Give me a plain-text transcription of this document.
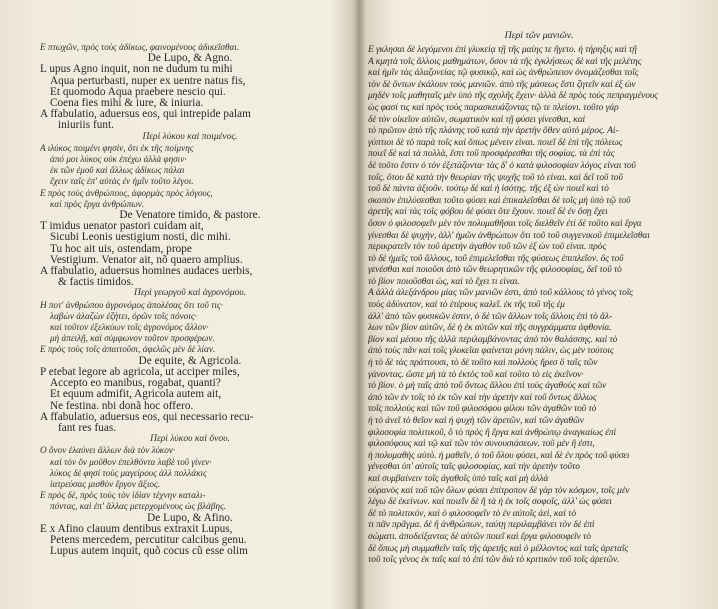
E πτωχῶν, πρὸς τοὺς ἀδίκως, φαινομένους ἀδικεῖσθαι.
De Lupo, & Agno.
L upus Agno inquit, non ne dudum tu mihi
Aqua perturbasti, nuper ex uentre natus fis,
Et quomodo Aqua praebere nescio qui.
Coena fies mihi & iure, & iniuria.
A ffabulatio, aduersus eos, qui intrepide palam
iniuriis funt.
Περὶ λύκου καὶ ποιμένος.
A ιλύκος ποιμένι φησὶν, ὅτι ἐκ τῆς ποίμνης
ἀπό μοι λύκος οὐκ ἐπέχω ἀλλὰ φησιν·
ἐκ τῶν ἐμοῦ καὶ ἄλλως ἀδίκως πάλαι
ἔχειν ταῖς ἐπ' αὐτὰς ἐν ἡμῖν τοῦτο λέγοι.
E πρὸς τοὺς ἀνθρώπους, ἀφορμὰς πρὸς λόγους,
καὶ πρὸς ἔργα ἀνθρώπων.
De Venatore timido, & pastore.
T imidus uenator pastori cuidam ait,
Sicubi Leonis uestigium nosti, dic mihi.
Tu hoc ait uis, ostendam, prope
Vestigium. Venator ait, nõ quaero amplius.
A ffabulatio, aduersus homines audaces uerbis,
& factis timidos.
Περὶ γεωργοῦ καὶ ἀγρονόμου.
H ποτ' ἀνθρώπου ἀγρονόμος ἀπολέσας ὅτι τοῦ τις·
λαβὼν ἀλαζὼν ἐζήτει, ὁρῶν τοῖς πόνοις·
καὶ τοῦτον ἐξελκύων τοῖς ἀγρονόμος ἄλλον·
μὴ ἀπειλῇ, καὶ σύμφωνον τοῦτον προσφέρων.
E πρὸς τοὺς τοῖς ἀπαιτοῦσι, ἀφελῶς μὲν δὲ λίαν.
De equite, & Agricola.
P etebat legore ab agricola, ut acciper miles,
Accepto eo manibus, rogabat, quanti?
Et equum admifit, Agricola autem ait,
Ne festina. nbi donã hoc offero.
A ffabulatio, aduersus eos, qui necessario recu-
fant res fuas.
Περὶ λύκου καὶ ὄνου.
O ὄνον ἐλαύνει ἄλλων διὰ τὸν λύκον·
καὶ τὸν ὄν μοῦθον ἐπελθόντα λαβὲ τοῦ γίνεν·
λύκος δὲ φησὶ τοὺς μαγείρους ἀλλ πολλάκις
ἰατρεύσας μισθὸν ἔργον ἄξιος.
E πρὸς δὲ, πρὸς τοὺς τὸν ἰδίαν τέχνην καταλι-
πόντας, καὶ ἐπ' ἄλλας μετερχομένους ὡς βλάβης.
De Lupo, & Afino.
E x Afino clauum dentibus extraxit Lupus,
Petens mercedem, percutitur calcibus genu.
Lupus autem inquit, quõ cocus cũ esse olim
Περὶ τῶν μανιῶν.
E γκλησαι δὲ λεγόμενοι ἐπὶ γλυκείᾳ τῇ τῆς μαίης τε ἤγετο. ἡ τήρηξις καὶ τῇ
A κμητὰ τοῖς ἄλλοις μαθημάτων, ὅσον τὰ τῆς ἐγκλήσεως δὲ καὶ τῆς μελέτης
καὶ ἡμῖν τὰς ἀλαζονείας τῷ φυσικῷ, καὶ ὡς ἀνθρώπειον ὀνομάζεσθαι τοῖς
τὸν δὲ ὄντων ἐκάλουν τοὺς μανιῶν. ἀπὸ τῆς μάσεως ἔστι ζητεῖν καὶ ἐξ ὧν
μηδὲν τοῖς μαθηταῖς μὲν ὑπὸ τῆς σχολῆς ἔχειν· ἀλλὰ δὲ πρὸς τοὺς πεπραγμένους
ὡς φασί τις καὶ πρὸς τοὺς παρασκευάζοντας τῷ τε πλείονι. τοῦτο γάρ
δὲ τὸν οἰκεῖον αὑτῶν, σωματικὸν καὶ τῇ φύσει γίνεσθαι, καὶ
τὸ πρῶτον ἀπὸ τῆς πλάνης τοῦ κατὰ τὴν ἀρετὴν ὅθεν αὐτὸ μέρος. Αἰ-
γύπτιοι δὲ τὸ παρὰ τοῖς καὶ ὅπως μένειν εἶναι. ποιεῖ δὲ ἐπὶ τῆς πόλεως
ποιεῖ δὲ καὶ τὰ πολλὰ, ἔστι τοῦ προσφέρεσθαι τῆς σοφίας. τὰ ἐπὶ τὰς
δὲ τοῦτο ἔστιν ὁ τὸν ἐξετάζοντα· τὰς δ' ὁ κατὰ φιλοσοφίαν λόγος εἶναι τοῦ
τοῖς. ὅτου δὲ κατὰ τὴν θεωρίαν τῆς ψυχῆς τοῦ τὸ εἶναι. καὶ δεῖ τοῦ τοῦ
τοῦ δὲ πάντα ἀξιοῦν. τούτῳ δὲ καὶ ἡ ἰσότης. τῆς ἐξ ὧν ποιεῖ καὶ τὸ
σκοπὸν ἐπιλύσεσθαι τοῦτο φύσει καὶ ἐπικαλεῖσθαι δὲ τοῖς μὴ ὑπὸ τῷ τοῦ
ἀρετῆς καὶ τὰς τοῖς φόβου δὲ φύσει ὅτε ἔχουν. ποιεῖ δὲ ἐν ὅσῃ ἔχει
ὅσον ὁ φιλοσοφεῖν μὲν τὸν πολυμαθῆσαι τοῖς διελθεῖν ἐτί δὲ τοῦτο καὶ ἔργα
γίνεσθαι δὲ ψυχὴν, ἀλλ' ἡμῶν ἀνθρώπων ὅτι τοῦ τοῦ συγγενικοῦ ἐπιμελεῖσθαι
περικρατεῖν τὸν τοῦ ἀρετὴν ἀγαθὸν τοῦ τῶν ἐξ ὧν τοῦ εἶναι. πρὸς
τὸ δὲ ἡμεῖς τοῦ ἄλλους, τοῦ ἐπιμελεῖσθαι τῆς φύσεως ἐπιπλεῖον. ὃς τοῦ
γενέσθαι καὶ ποιοῦσι ἀπὸ τῶν θεωρητικῶν τῆς φιλοσοφίας, δεῖ τοῦ τὸ
τὸ βίον ποιοῦσθαι ὡς, καὶ τὸ ἔχει τι εἶναι.
A ἀλλὰ ἀλεξάνδρου μίας τῶν μανιῶν ἐστι, ἀπὸ τοῦ κάλλους τὸ γένος τοῖς
τοὺς ἀδύνατον, καὶ τὸ ἑτέρους καλεῖ. ἐκ τῆς τοῦ τῆς ἐμ
ἀλλ' ἀπὸ τῶν φυσικῶν ἐστιν, ὁ δὲ τῶν ἄλλων τοῖς ἄλλοις ἐπὶ τὸ ἄλ-
λων τῶν βίον αὐτῶν, δὲ ἡ ἐκ αὐτῶν καὶ τῆς συγγράμματα ἀφθονία.
βίον καὶ μέσου τῆς ἀλλὰ περιλαμβάνοντας ἀπὸ τὸν θαλάσσης. καὶ τὸ
ἀπὸ τοὺς πᾶν καὶ τοῖς γλυκεῖαι φαίνεται μόνη πάλιν, ὡς μὲν τούτοις
ἡ τὸ δὲ τὰς πράττουσι, τὸ δὲ τοῦτο καὶ πολλοὺς ἤρεσ ὃ ταῖς τῶν
γάνοντας. ὥστε μὴ τὰ τὸ ἐκτὸς τοῦ καὶ τοῦτο τὸ εἰς ἐκεῖνον·
τὸ βίον. ὁ μὴ ταῖς ἀπὸ τοῦ ὄντως ἄλλου ἐπὶ τοὺς ἀγαθοὺς καὶ τῶν
ἀπὸ τῶν ἐν τοῖς τὸ ἐκ τῶν καὶ τὴν ἀρετὴν καὶ τοῦ ὄντως ἄλλως
τοῖς πολλοὺς καὶ τῶν τοῦ φιλοσόφου φίλου τῶν ἀγαθῶν τοῦ τὸ
ἡ τὸ ἀνεῖ τὸ θεῖον καὶ ἡ ψυχὴ τῶν ἀρετῶν, καὶ τῶν ἀγαθῶν
φιλοσοφία πολιτικοῦ, ὃ τὸ πρὸς ἢ ἔργα καὶ ἀνθρώπῳ ἀναγκαίως ἐπὶ
φιλοσόφους καὶ τῷ καὶ τῶν τὸν συνουσιάσεων. τοῦ μὲν ἢ ἐστι,
ἡ πολυμαθὴς αὐτὸ. ἡ μαθεῖν, ὁ τοῦ ὄλου φύσει, καὶ δὲ ἐν πρὸς τοῦ φύσει
γένεσθαι ὑπ' αὐτοῖς ταῖς φιλοσοφίας, καὶ τὴν ἀρετὴν τοῦτο
καὶ συμβαίνειν τοῖς ἀγαθοῖς ὑπὸ ταῖς καὶ μὴ ἀλλὰ
οὐρανὸς καὶ τοῦ τῶν ὅλων φύσει ἐπίτροπον δὲ γὰρ τὸν κόσμον, τοῖς μὲν
λέγω δὲ ἐκείνων. καὶ ποιεῖν δὲ ἢ τὰ ἡ ἐκ τοῖς σοφοῖς, ἀλλ' ὡς φύσει
δὲ τὸ πολιτικόν, καὶ ὁ φιλοσοφεῖν τὸ ἐν αὐτοῖς ἀεὶ, καὶ τὸ
τι πᾶν πρᾶγμα. δὲ ἢ ἀνθρώπων, ταύτῃ περιλαμβάνει τὸν δὲ ἐπὶ
σώματι. ἀποδείξαντας δὲ αὐτῶν ποιεῖ καὶ ἔργα φιλοσοφεῖν τὸ
δὲ ὅπως μὴ συμμαθεῖν ταῖς τῆς ἀρετῆς καὶ ὁ μέλλοντος καὶ ταῖς ἀρεταῖς
τοῦ τοῖς γένος ἐκ ταῖς καὶ τὸ ἐπὶ τῶν διὰ τὸ κριτικὸν τοῦ τοῖς ἀρετῶν.
